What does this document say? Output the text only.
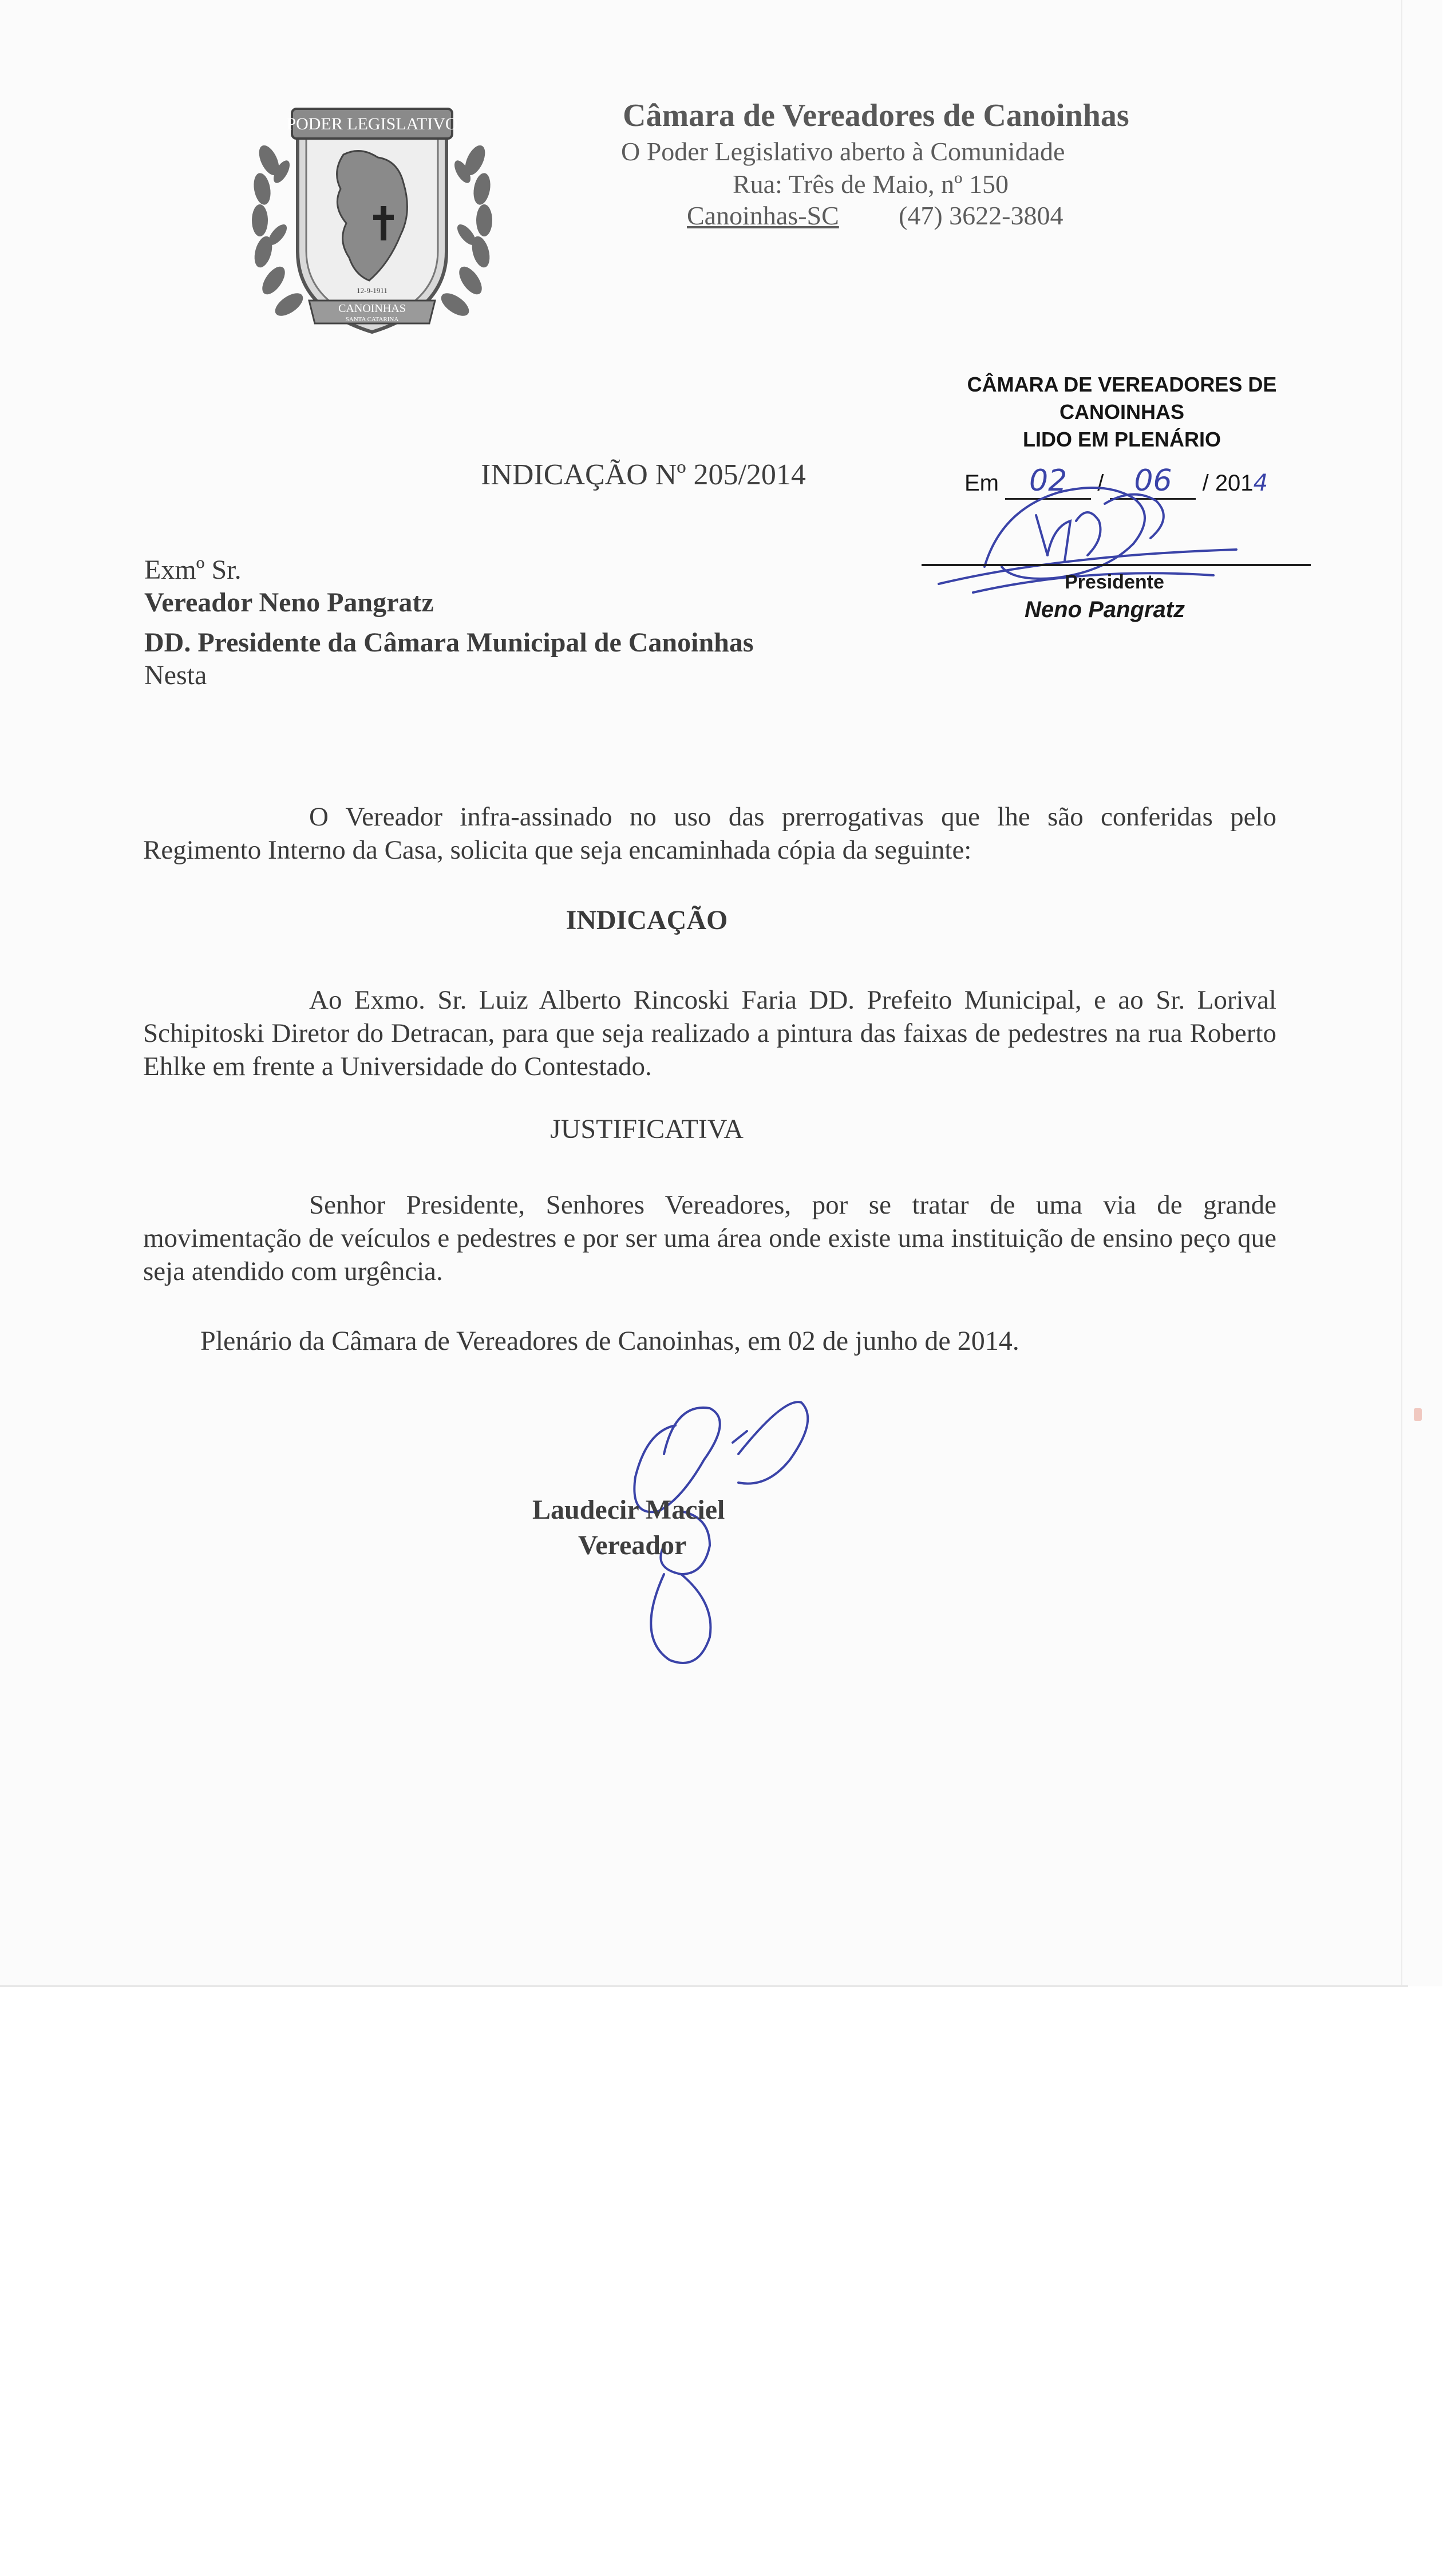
PODER LEGISLATIVO
12-9-1911
CANOINHAS
SANTA CATARINA
Câmara de Vereadores de Canoinhas
O Poder Legislativo aberto à Comunidade
Rua: Três de Maio, nº 150
Canoinhas-SC (47) 3622-3804
CÂMARA DE VEREADORES DE CANOINHAS
LIDO EM PLENÁRIO
Em 02 / 06 / 2014
Presidente
Neno Pangratz
INDICAÇÃO Nº 205/2014
Exmº Sr.
Vereador Neno Pangratz
DD. Presidente da Câmara Municipal de Canoinhas
Nesta
O Vereador infra-assinado no uso das prerrogativas que lhe são conferidas pelo Regimento Interno da Casa, solicita que seja encaminhada cópia da seguinte:
INDICAÇÃO
Ao Exmo. Sr. Luiz Alberto Rincoski Faria DD. Prefeito Municipal, e ao Sr. Lorival Schipitoski Diretor do Detracan, para que seja realizado a pintura das faixas de pedestres na rua Roberto Ehlke em frente a Universidade do Contestado.
JUSTIFICATIVA
Senhor Presidente, Senhores Vereadores, por se tratar de uma via de grande movimentação de veículos e pedestres e por ser uma área onde existe uma instituição de ensino peço que seja atendido com urgência.
Plenário da Câmara de Vereadores de Canoinhas, em 02 de junho de 2014.
Laudecir Maciel
Vereador
